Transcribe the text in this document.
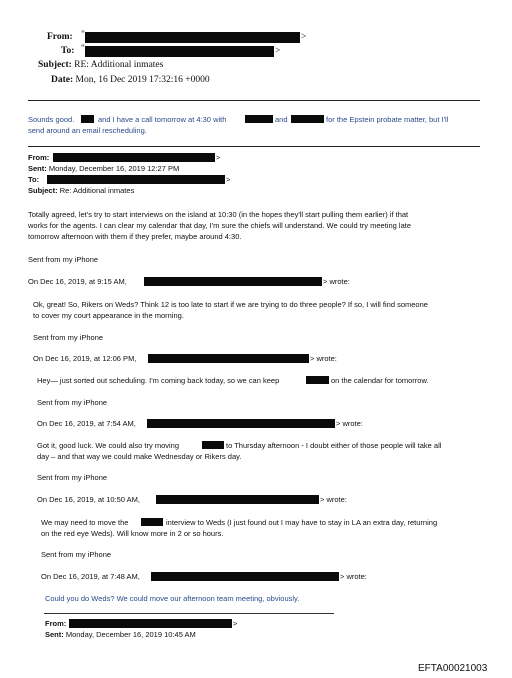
From: "	>
To: "	>
Subject: RE: Additional inmates
Date: Mon, 16 Dec 2019 17:32:16 +0000
Sounds good.	and I have a call tomorrow at 4:30 with	and	for the Epstein probate matter, but I'll
send around an email rescheduling.
From:	>
Sent: Monday, December 16, 2019 12:27 PM
To:	>
Subject: Re: Additional inmates
Totally agreed, let's try to start interviews on the island at 10:30 (in the hopes they'll start pulling them earlier) if that
works for the agents. I can clear my calendar that day, I'm sure the chiefs will understand. We could try meeting late
tomorrow afternoon with them if they prefer, maybe around 4:30.
Sent from my iPhone
On Dec 16, 2019, at 9:15 AM,	> wrote:
Ok, great! So, Rikers on Weds? Think 12 is too late to start if we are trying to do three people? If so, I will find someone
to cover my court appearance in the morning.
Sent from my iPhone
On Dec 16, 2019, at 12:06 PM,	> wrote:
Hey— just sorted out scheduling. I'm coming back today, so we can keep	on the calendar for tomorrow.
Sent from my iPhone
On Dec 16, 2019, at 7:54 AM,	> wrote:
Got it, good luck. We could also try moving	to Thursday afternoon - I doubt either of those people will take all
day – and that way we could make Wednesday or Rikers day.
Sent from my iPhone
On Dec 16, 2019, at 10:50 AM,	> wrote:
We may need to move the	interview to Weds (I just found out I may have to stay in LA an extra day, returning
on the red eye Weds). Will know more in 2 or so hours.
Sent from my iPhone
On Dec 16, 2019, at 7:48 AM,	> wrote:
Could you do Weds? We could move our afternoon team meeting, obviously.
From:	>
Sent: Monday, December 16, 2019 10:45 AM
EFTA00021003
